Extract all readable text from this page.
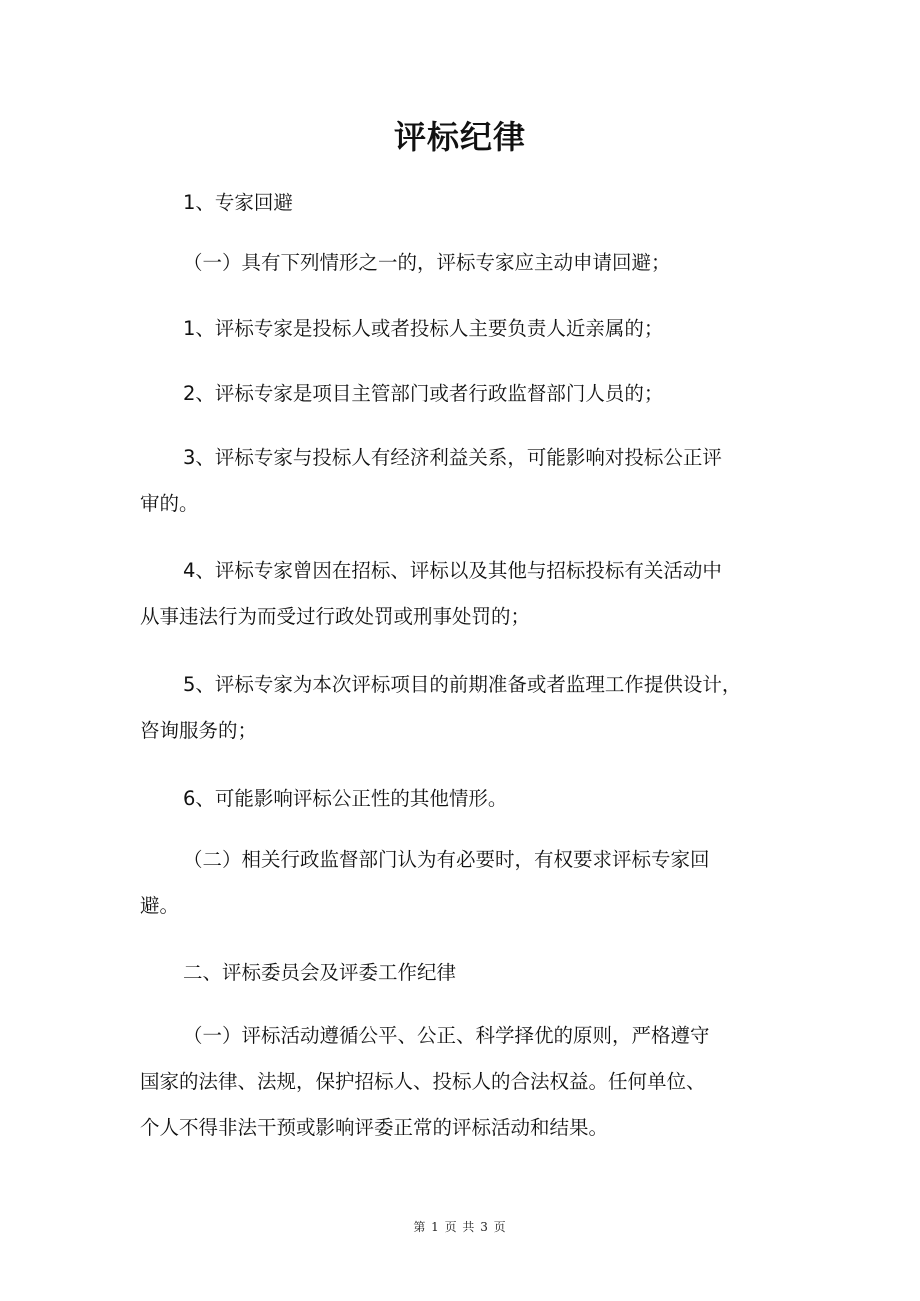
评标纪律
1、专家回避
（一）具有下列情形之一的，评标专家应主动申请回避；
1、评标专家是投标人或者投标人主要负责人近亲属的；
2、评标专家是项目主管部门或者行政监督部门人员的；
3、评标专家与投标人有经济利益关系，可能影响对投标公正评
审的。
4、评标专家曾因在招标、评标以及其他与招标投标有关活动中
从事违法行为而受过行政处罚或刑事处罚的；
5、评标专家为本次评标项目的前期准备或者监理工作提供设计，
咨询服务的；
6、可能影响评标公正性的其他情形。
（二）相关行政监督部门认为有必要时，有权要求评标专家回
避。
二、评标委员会及评委工作纪律
（一）评标活动遵循公平、公正、科学择优的原则，严格遵守
国家的法律、法规，保护招标人、投标人的合法权益。任何单位、
个人不得非法干预或影响评委正常的评标活动和结果。
第 1 页 共 3 页
